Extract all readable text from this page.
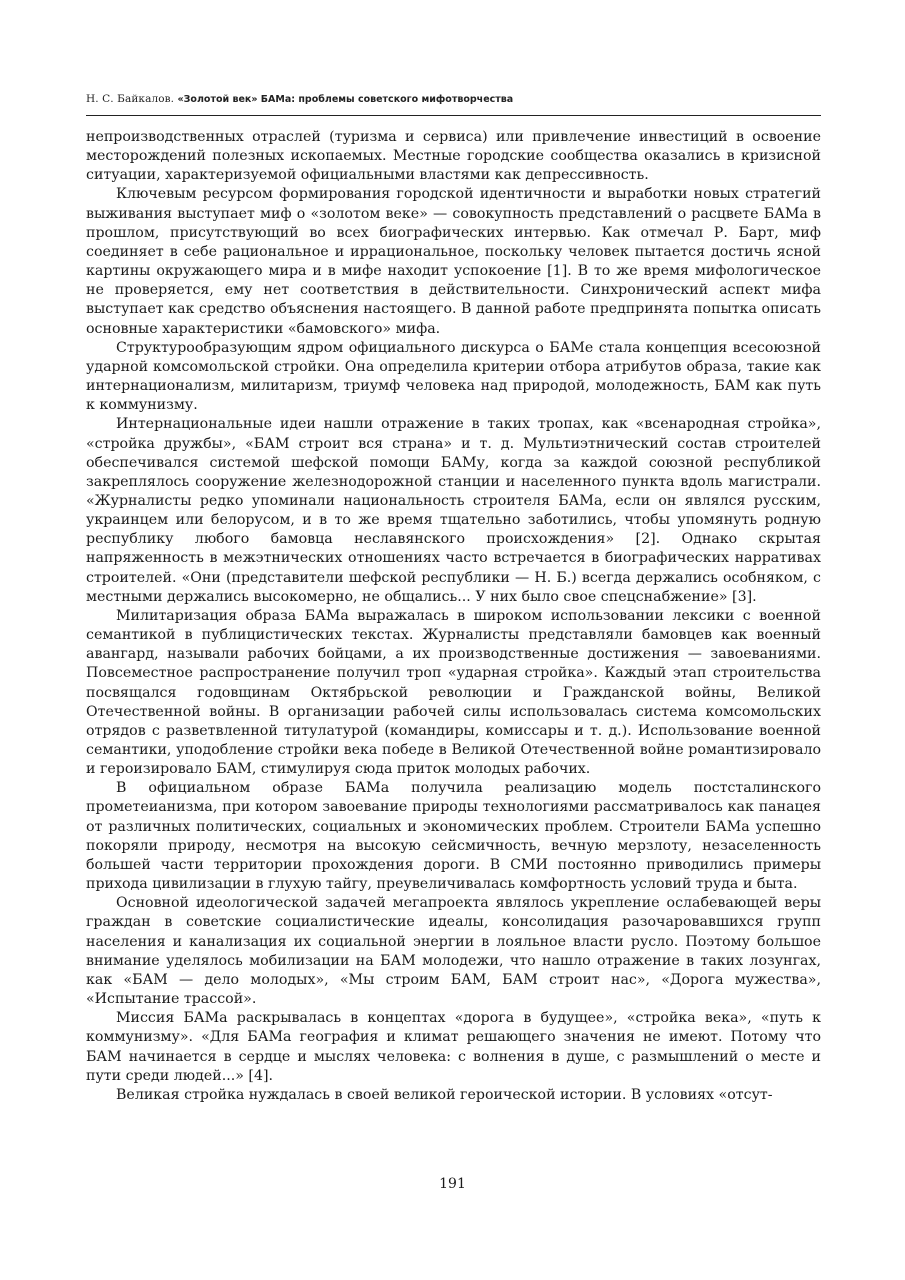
Н. С. Байкалов. «Золотой век» БАМа: проблемы советского мифотворчества

непроизводственных отраслей (туризма и сервиса) или привлечение инвестиций в освоение месторождений полезных ископаемых. Местные городские сообщества оказались в кризисной ситуации, характеризуемой официальными властями как депрессивность.

Ключевым ресурсом формирования городской идентичности и выработки новых стратегий выживания выступает миф о «золотом веке» — совокупность представлений о расцвете БАМа в прошлом, присутствующий во всех биографических интервью. Как отмечал Р. Барт, миф соединяет в себе рациональное и иррациональное, поскольку человек пытается достичь ясной картины окружающего мира и в мифе находит успокоение [1]. В то же время мифологическое не проверяется, ему нет соответствия в действительности. Синхронический аспект мифа выступает как средство объяснения настоящего. В данной работе предпринята попытка описать основные характеристики «бамовского» мифа.

Структурообразующим ядром официального дискурса о БАМе стала концепция всесоюзной ударной комсомольской стройки. Она определила критерии отбора атрибутов образа, такие как интернационализм, милитаризм, триумф человека над природой, молодежность, БАМ как путь к коммунизму.

Интернациональные идеи нашли отражение в таких тропах, как «всенародная стройка», «стройка дружбы», «БАМ строит вся страна» и т. д. Мультиэтнический состав строителей обеспечивался системой шефской помощи БАМу, когда за каждой союзной республикой закреплялось сооружение железнодорожной станции и населенного пункта вдоль магистрали. «Журналисты редко упоминали национальность строителя БАМа, если он являлся русским, украинцем или белорусом, и в то же время тщательно заботились, чтобы упомянуть родную республику любого бамовца неславянского происхождения» [2]. Однако скрытая напряженность в межэтнических отношениях часто встречается в биографических нарративах строителей. «Они (представители шефской республики — Н. Б.) всегда держались особняком, с местными держались высокомерно, не общались... У них было свое спецснабжение» [3].

Милитаризация образа БАМа выражалась в широком использовании лексики с военной семантикой в публицистических текстах. Журналисты представляли бамовцев как военный авангард, называли рабочих бойцами, а их производственные достижения — завоеваниями. Повсеместное распространение получил троп «ударная стройка». Каждый этап строительства посвящался годовщинам Октябрьской революции и Гражданской войны, Великой Отечественной войны. В организации рабочей силы использовалась система комсомольских отрядов с разветвленной титулатурой (командиры, комиссары и т. д.). Использование военной семантики, уподобление стройки века победе в Великой Отечественной войне романтизировало и героизировало БАМ, стимулируя сюда приток молодых рабочих.

В официальном образе БАМа получила реализацию модель постсталинского прометеианизма, при котором завоевание природы технологиями рассматривалось как панацея от различных политических, социальных и экономических проблем. Строители БАМа успешно покоряли природу, несмотря на высокую сейсмичность, вечную мерзлоту, незаселенность большей части территории прохождения дороги. В СМИ постоянно приводились примеры прихода цивилизации в глухую тайгу, преувеличивалась комфортность условий труда и быта.

Основной идеологической задачей мегапроекта являлось укрепление ослабевающей веры граждан в советские социалистические идеалы, консолидация разочаровавшихся групп населения и канализация их социальной энергии в лояльное власти русло. Поэтому большое внимание уделялось мобилизации на БАМ молодежи, что нашло отражение в таких лозунгах, как «БАМ — дело молодых», «Мы строим БАМ, БАМ строит нас», «Дорога мужества», «Испытание трассой».

Миссия БАМа раскрывалась в концептах «дорога в будущее», «стройка века», «путь к коммунизму». «Для БАМа география и климат решающего значения не имеют. Потому что БАМ начинается в сердце и мыслях человека: с волнения в душе, с размышлений о месте и пути среди людей...» [4].

Великая стройка нуждалась в своей великой героической истории. В условиях «отсут-

191
